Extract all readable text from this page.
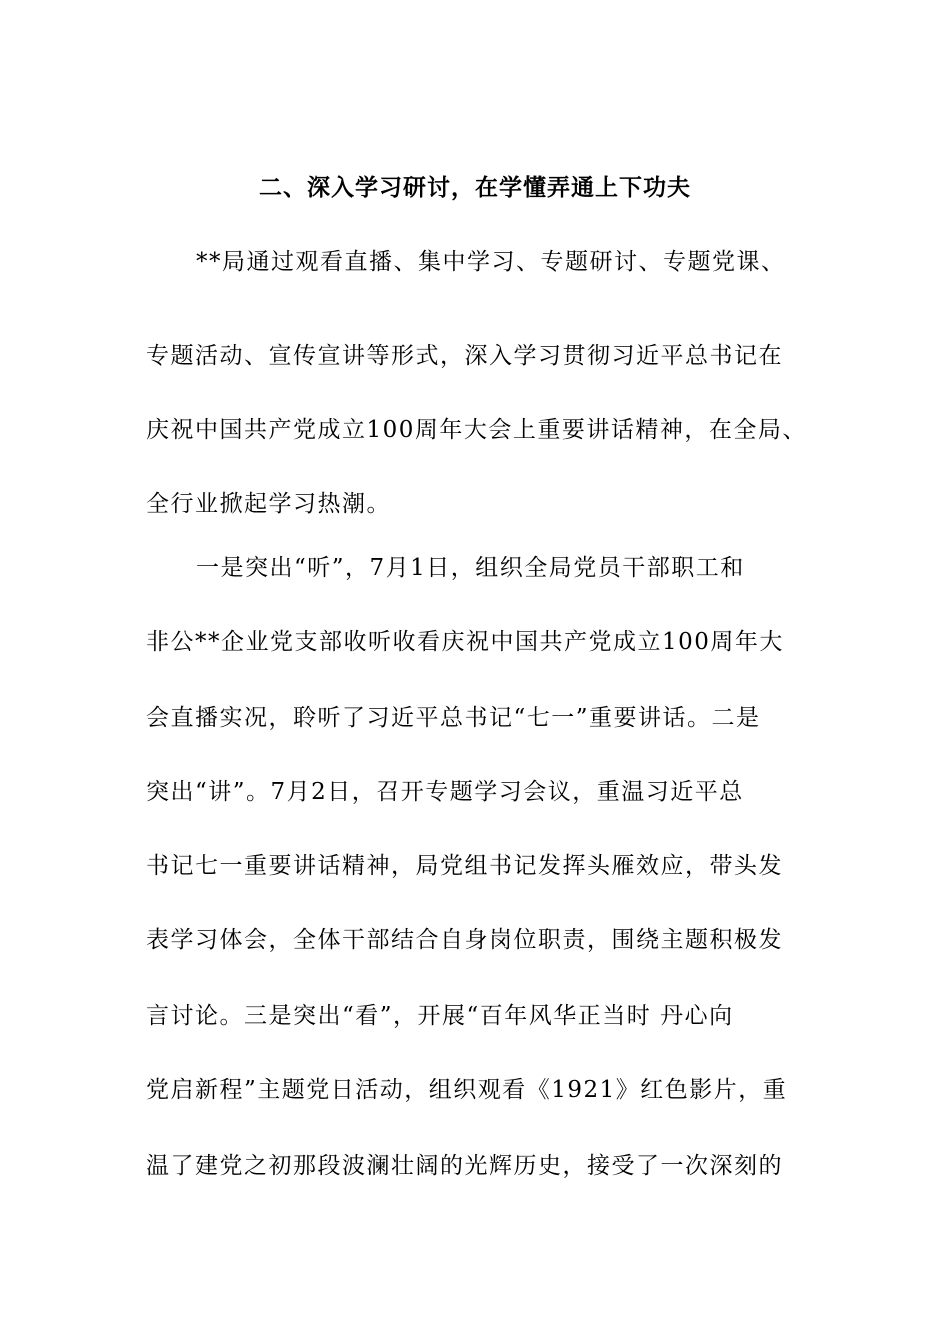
二、深入学习研讨，在学懂弄通上下功夫
**局通过观看直播、集中学习、专题研讨、专题党课、
专题活动、宣传宣讲等形式，深入学习贯彻习近平总书记在
庆祝中国共产党成立100周年大会上重要讲话精神，在全局、
全行业掀起学习热潮。
一是突出“听”，7月1日，组织全局党员干部职工和
非公**企业党支部收听收看庆祝中国共产党成立100周年大
会直播实况，聆听了习近平总书记“七一”重要讲话。二是
突出“讲”。7月2日，召开专题学习会议，重温习近平总
书记七一重要讲话精神，局党组书记发挥头雁效应，带头发
表学习体会，全体干部结合自身岗位职责，围绕主题积极发
言讨论。三是突出“看”，开展“百年风华正当时 丹心向
党启新程”主题党日活动，组织观看《1921》红色影片，重
温了建党之初那段波澜壮阔的光辉历史，接受了一次深刻的
